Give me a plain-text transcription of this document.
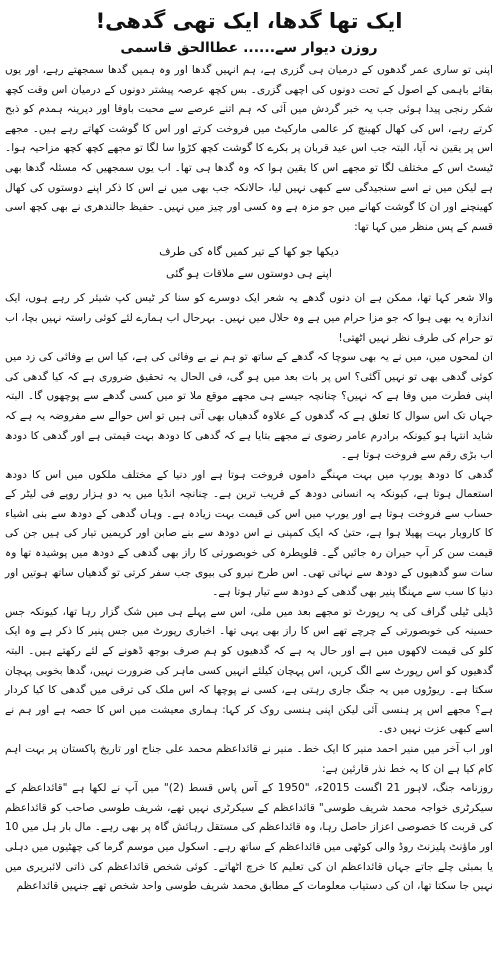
ایک تھا گدھا، ایک تھی گدھی!
روزن دیوار سے...... عطاالحق قاسمی

اپنی تو ساری عمر گدھوں کے درمیان ہی گزری ہے، ہم انہیں گدھا اور وہ ہمیں گدھا سمجھتے رہے، اور یوں بقائے باہمی کے اصول کے تحت دونوں کی اچھی گزری۔ بس کچھ عرصہ پیشتر دونوں کے درمیان اس وقت کچھ شکر رنجی پیدا ہوئی جب یہ خبر گردش میں آئی کہ ہم اتنے عرصے سے محبت باوفا اور دیرینہ ہمدم کو ذبح کرتے رہے، اس کی کھال کھینچ کر عالمی مارکیٹ میں فروخت کرتے اور اس کا گوشت کھاتے رہے ہیں۔ مجھے اس پر یقین نہ آیا، البتہ جب اس عید قربان پر بکرے کا گوشت کچھ کڑوا سا لگا تو مجھے کچھ کچھ مزاحیہ ہوا۔ ٹیسٹ اس کے مختلف لگا تو مجھے اس کا یقین ہوا کہ وہ گدھا ہی تھا۔ اب یوں سمجھیں کہ مسئلہ گدھا بھی ہے لیکن میں نے اسے سنجیدگی سے کبھی نہیں لیا، حالانکہ جب بھی میں نے اس کا ذکر اپنے دوستوں کی کھال کھینچنے اور ان کا گوشت کھانے میں جو مزہ ہے وہ کسی اور چیز میں نہیں۔ حفیظ جالندھری نے بھی کچھ اسی قسم کے پس منظر میں کہا تھا:

دیکھا جو کھا کے تیر کمیں گاہ کی طرف
اپنے ہی دوستوں سے ملاقات ہو گئی

والا شعر کہا تھا، ممکن ہے ان دنوں گدھے یہ شعر ایک دوسرے کو سنا کر ٹیس کپ شیئر کر رہے ہوں، ایک اندازہ یہ بھی ہوا کہ جو مزا حرام میں ہے وہ حلال میں نہیں۔ بہرحال اب ہمارے لئے کوئی راستہ نہیں بچا، اب تو حرام کی طرف نظر نہیں اٹھتی!

ان لمحوں میں، میں نے یہ بھی سوچا کہ گدھے کے ساتھ تو ہم نے بے وفائی کی ہے، کیا اس بے وفائی کی زد میں کوئی گدھی بھی تو نہیں آگئی؟ اس پر بات بعد میں ہو گی، فی الحال یہ تحقیق ضروری ہے کہ کیا گدھی کی اپنی فطرت میں وفا ہے کہ نہیں؟ چنانچہ جیسے ہی مجھے موقع ملا تو میں کسی گدھے سے پوچھوں گا۔ البتہ جہاں تک اس سوال کا تعلق ہے کہ گدھوں کے علاوہ گدھیاں بھی آتی ہیں تو اس حوالے سے مفروضہ یہ ہے کہ شاید انتہا ہو کیونکہ برادرم عامر رضوی نے مجھے بتایا ہے کہ گدھی کا دودھ بہت قیمتی ہے اور گدھی کا دودھ اب بڑی رقم سے فروخت ہوتا ہے۔

گدھی کا دودھ یورپ میں بہت مہنگے داموں فروخت ہوتا ہے اور دنیا کے مختلف ملکوں میں اس کا دودھ استعمال ہوتا ہے، کیونکہ یہ انسانی دودھ کے قریب ترین ہے۔ چنانچہ انڈیا میں یہ دو ہزار روپے فی لیٹر کے حساب سے فروخت ہوتا ہے اور یورپ میں اس کی قیمت بہت زیادہ ہے۔ وہاں گدھی کے دودھ سے بنی اشیاء کا کاروبار بہت پھیلا ہوا ہے، حتیٰ کہ ایک کمپنی نے اس دودھ سے بنے صابن اور کریمیں تیار کی ہیں جن کی قیمت سن کر آپ حیران رہ جائیں گے۔ قلوپطرہ کی خوبصورتی کا راز بھی گدھی کے دودھ میں پوشیدہ تھا وہ سات سو گدھیوں کے دودھ سے نہاتی تھی۔ اس طرح نیرو کی بیوی جب سفر کرتی تو گدھیاں ساتھ ہوتیں اور دنیا کا سب سے مہنگا پنیر بھی گدھی کے دودھ سے تیار ہوتا ہے۔

ڈیلی ٹیلی گراف کی یہ رپورٹ تو مجھے بعد میں ملی، اس سے پہلے ہی میں شک گزار رہا تھا، کیونکہ جس حسینہ کی خوبصورتی کے چرچے تھے اس کا راز بھی یہی تھا۔ اخباری رپورٹ میں جس پنیر کا ذکر ہے وہ ایک کلو کی قیمت لاکھوں میں ہے اور حال یہ ہے کہ گدھیوں کو ہم صرف بوجھ ڈھونے کے لئے رکھتے ہیں۔ البتہ گدھیوں کو اس رپورٹ سے الگ کریں، اس پہچان کیلئے انہیں کسی ماہر کی ضرورت نہیں، گدھا بخوبی پہچان سکتا ہے۔ ریوڑوں میں یہ جنگ جاری رہتی ہے، کسی نے پوچھا کہ اس ملک کی ترقی میں گدھی کا کیا کردار ہے؟ مجھے اس پر ہنسی آئی لیکن اپنی ہنسی روک کر کہا: ہماری معیشت میں اس کا حصہ ہے اور ہم نے اسے کبھی عزت نہیں دی۔

اور اب آخر میں منیر احمد منیر کا ایک خط۔ منیر نے قائداعظم محمد علی جناح اور تاریخ پاکستان پر بہت اہم کام کیا ہے ان کا یہ خط نذر قارئین ہے:

روزنامہ جنگ، لاہور 21 اگست 2015ء، "1950 کے آس پاس قسط (2)" میں آپ نے لکھا ہے "قائداعظم کے سیکرٹری خواجہ محمد شریف طوسی" قائداعظم کے سیکرٹری نہیں تھے، شریف طوسی صاحب کو قائداعظم کی قربت کا خصوصی اعزاز حاصل رہا، وہ قائداعظم کی مستقل رہائش گاہ پر بھی رہے۔ مال بار ہل میں 10 اور ماؤنٹ پلیزنٹ روڈ والی کوٹھی میں قائداعظم کے ساتھ رہے۔ اسکول میں موسم گرما کی چھٹیوں میں دہلی یا بمبئی چلے جاتے جہاں قائداعظم ان کی تعلیم کا خرچ اٹھاتے۔ کوئی شخص قائداعظم کی ذاتی لائبریری میں نہیں جا سکتا تھا، ان کی دستیاب معلومات کے مطابق محمد شریف طوسی واحد شخص تھے جنہیں قائداعظم
